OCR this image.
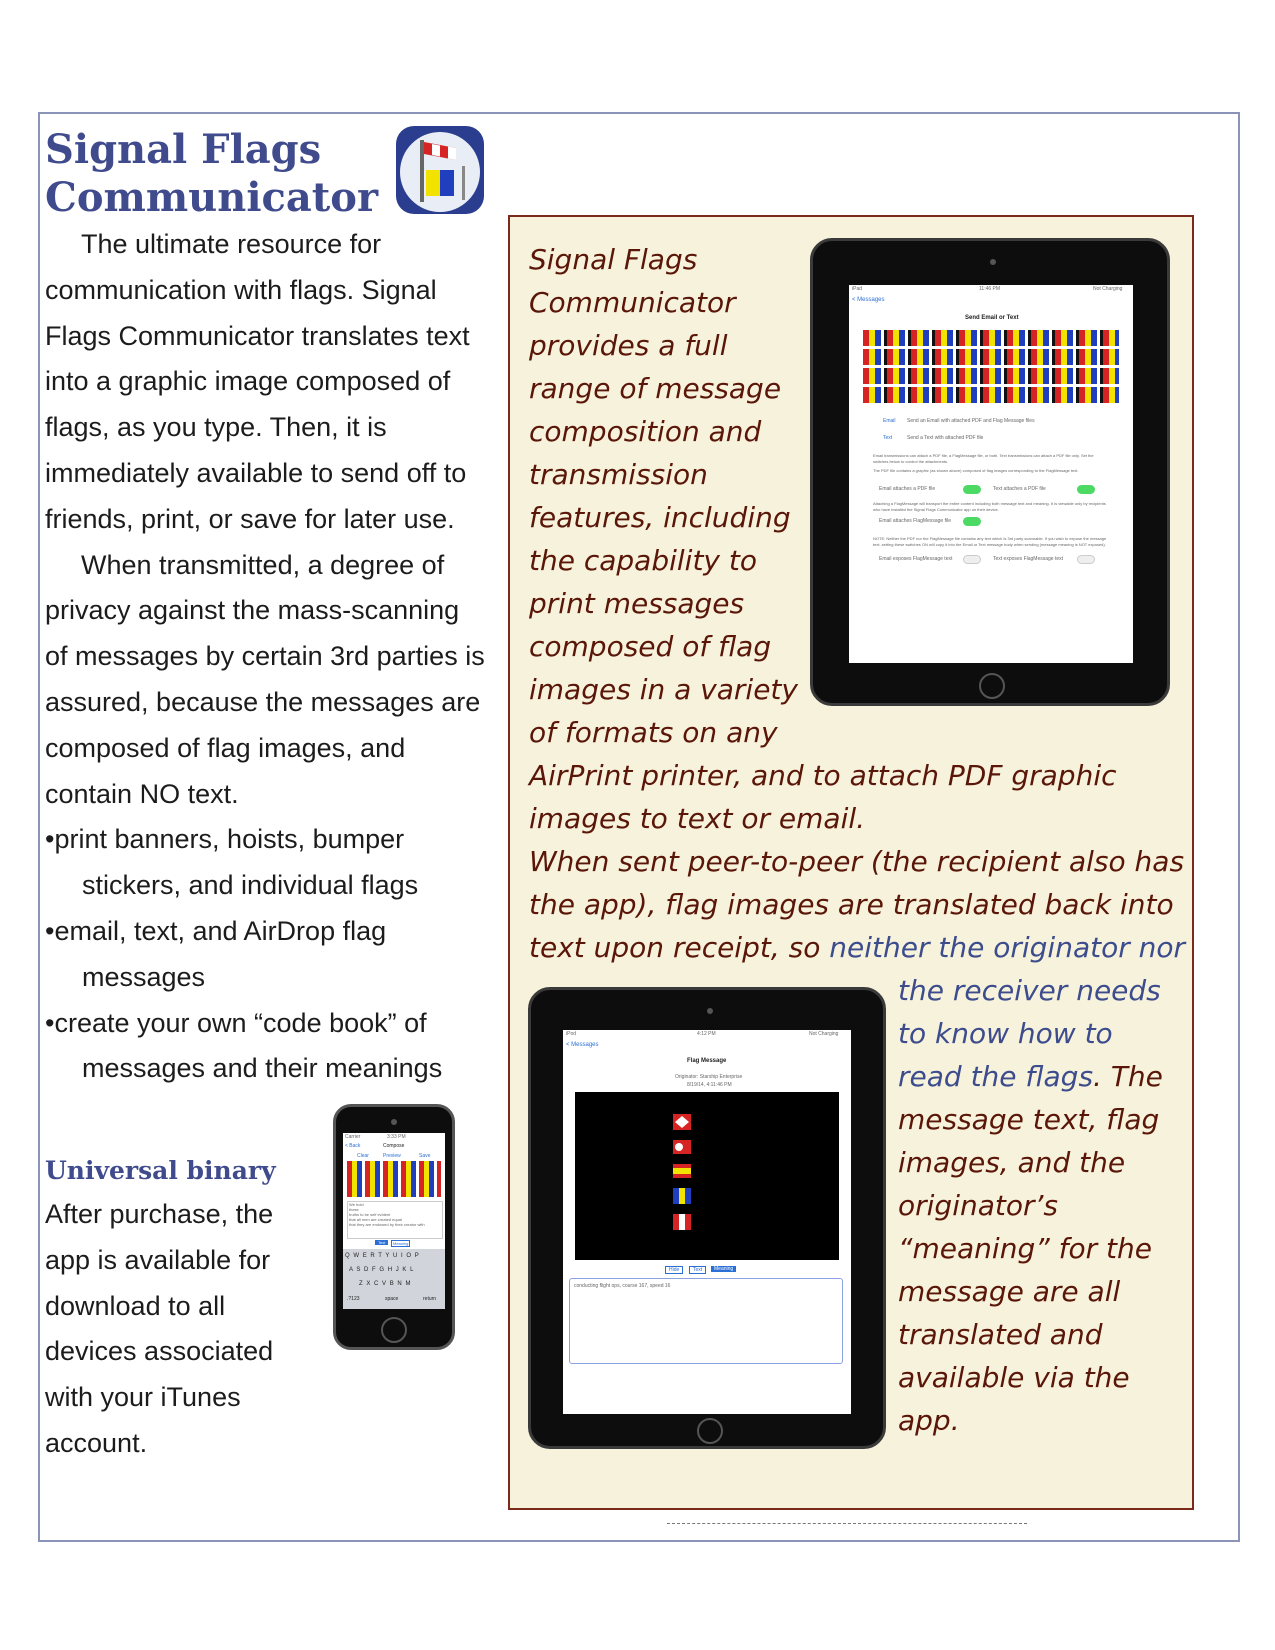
Signal Flags
Communicator

The ultimate resource for communication with flags. Signal Flags Communicator translates text into a graphic image composed of flags, as you type. Then, it is immediately available to send off to friends, print, or save for later use.

When transmitted, a degree of privacy against the mass-scanning of messages by certain 3rd parties is assured, because the messages are composed of flag images, and contain NO text.

•print banners, hoists, bumper stickers, and individual flags

•email, text, and AirDrop flag messages

•create your own “code book” of messages and their meanings

Universal binary

After purchase, the app is available for download to all devices associated with your iTunes account.

Carrier	3:33 PM
< Back	Compose
Clear	Preview	Save
We hold
these
truths to be self evident
that all men are created equal
that they are endowed by their creator with
Text	Meaning
Q W E R T Y U I O P
A S D F G H J K L
Z X C V B N M
.?123	space	return
Signal Flags
Communicator
provides a full
range of message
composition and
transmission
features, including
the capability to
print messages
composed of flag
images in a variety
of formats on any
AirPrint printer, and to attach PDF graphic
images to text or email.
When sent peer-to-peer (the recipient also has
the app), flag images are translated back into
text upon receipt, so neither the originator nor
the receiver needs
to know how to
read the flags. The
message text, flag
images, and the
originator’s
“meaning” for the
message are all
translated and
available via the
app.
iPad	11:46 PM	Not Charging
< Messages
Send Email or Text
Email Send an Email with attached PDF and Flag Message files
Text	Send a Text with attached PDF file
Email transmissions can attach a PDF file, a FlagMessage file, or both. Text transmissions can attach a PDF file only. Set the switches below to control the attachments.
The PDF file contains a graphic (as shown above) composed of flag images corresponding to the FlagMessage text.
Email attaches a PDF file	Text attaches a PDF file
Attaching a FlagMessage will transport the entire content including both message text and meaning. It is viewable only by recipients who have installed the Signal Flags Communicator app on their device.
Email attaches FlagMessage file
NOTE: Neither the PDF nor the FlagMessage file contains any text which is 3rd party scannable. If you wish to expose the message text, setting these switches ON will copy it into the Email or Text message body when sending (message meaning is NOT exposed).
Email exposes FlagMessage text	Text exposes FlagMessage text
iPod	4:12 PM	Not Charging
< Messages
Flag Message
Originator: Starship Enterprise
8/19/14, 4:11:46 PM
Hide	Text	Meaning
conducting flight ops, course 167, speed 16
